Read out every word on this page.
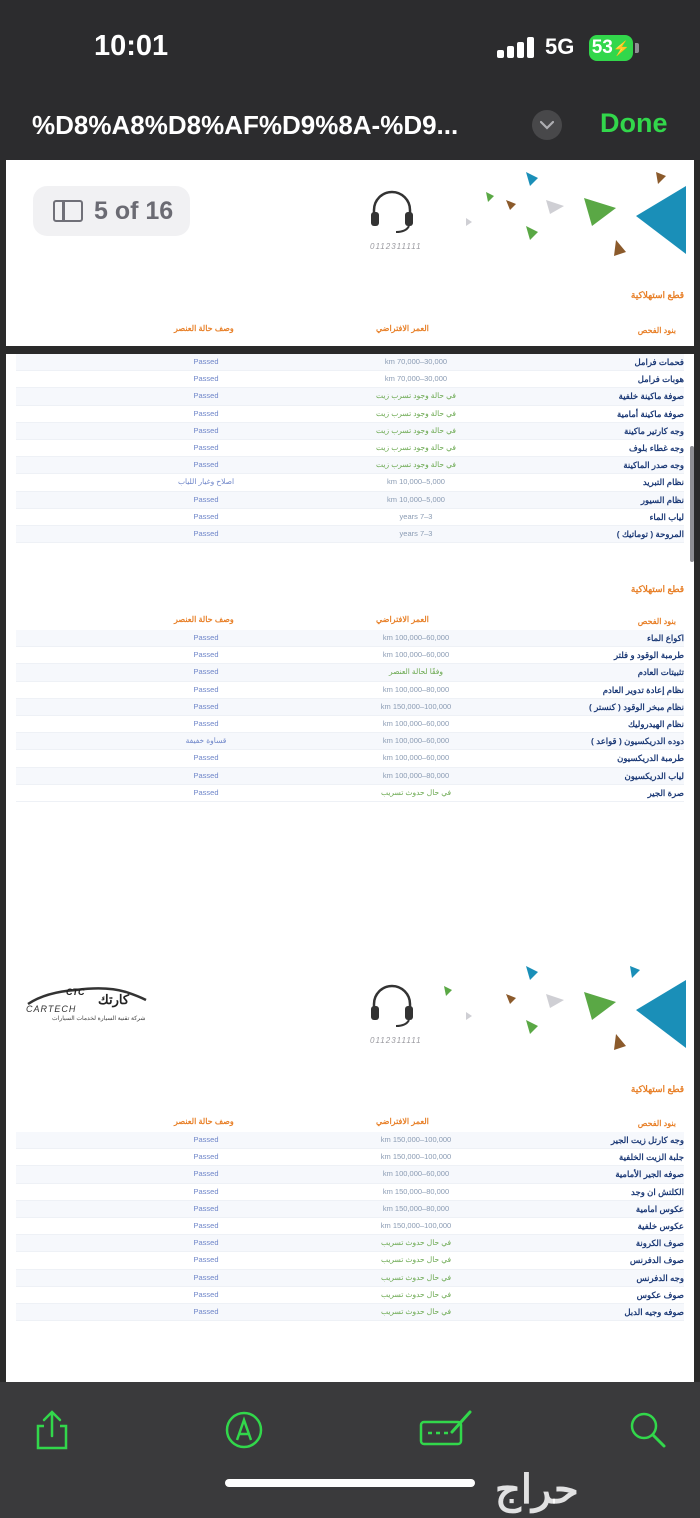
10:01	5G 53⚡
%D8%A8%D8%AF%D9%8A-%D9...	Done
0112311111
قطع استهلاكية
بنود الفحص
العمر الافتراضي
وصف حالة العنصر
فحمات فرامل
km 70,000–30,000
Passed
هوبات فرامل
km 70,000–30,000
Passed
صوفة ماكينة خلفية
في حالة وجود تسرب زيت
Passed
صوفة ماكينة أمامية
في حالة وجود تسرب زيت
Passed
وجه كارتير ماكينة
في حالة وجود تسرب زيت
Passed
وجه غطاء بلوف
في حالة وجود تسرب زيت
Passed
وجه صدر الماكينة
في حالة وجود تسرب زيت
Passed
نظام التبريد
km 10,000–5,000
اصلاح وغيار اللياب
نظام السيور
km 10,000–5,000
Passed
لياب الماء
years 7–3
Passed
المروحة ( توماتيك )
years 7–3
Passed
قطع استهلاكية
بنود الفحص
العمر الافتراضي
وصف حالة العنصر
اكواع الماء
km 100,000–60,000
Passed
طرمبة الوقود و فلتر
km 100,000–60,000
Passed
تثبيتات العادم
وفقًا لحالة العنصر
Passed
نظام إعادة تدوير العادم
km 100,000–80,000
Passed
نظام مبخر الوقود ( كنستر )
km 150,000–100,000
Passed
نظام الهيدروليك
km 100,000–60,000
Passed
دوده الدريكسيون ( قواعد )
km 100,000–60,000
قساوة خفيفة
طرمبة الدريكسيون
km 100,000–60,000
Passed
لياب الدريكسيون
km 100,000–80,000
Passed
صرة الجير
في حال حدوث تسريب
Passed
0112311111
CTC كارتك
CARTECH
شركة تقنية السيارة لخدمات السيارات
قطع استهلاكية
بنود الفحص
العمر الافتراضي
وصف حالة العنصر
وجه كارتل زيت الجير
km 150,000–100,000
Passed
جلبة الزيت الخلفية
km 150,000–100,000
Passed
صوفه الجير الأمامية
km 100,000–60,000
Passed
الكلتش ان وجد
km 150,000–80,000
Passed
عكوس امامية
km 150,000–80,000
Passed
عكوس خلفية
km 150,000–100,000
Passed
صوف الكرونة
في حال حدوث تسريب
Passed
صوف الدفرنس
في حال حدوث تسريب
Passed
وجه الدفرنس
في حال حدوث تسريب
Passed
صوف عكوس
في حال حدوث تسريب
Passed
صوفه وجيه الدبل
في حال حدوث تسريب
Passed
5 of 16
حراج
